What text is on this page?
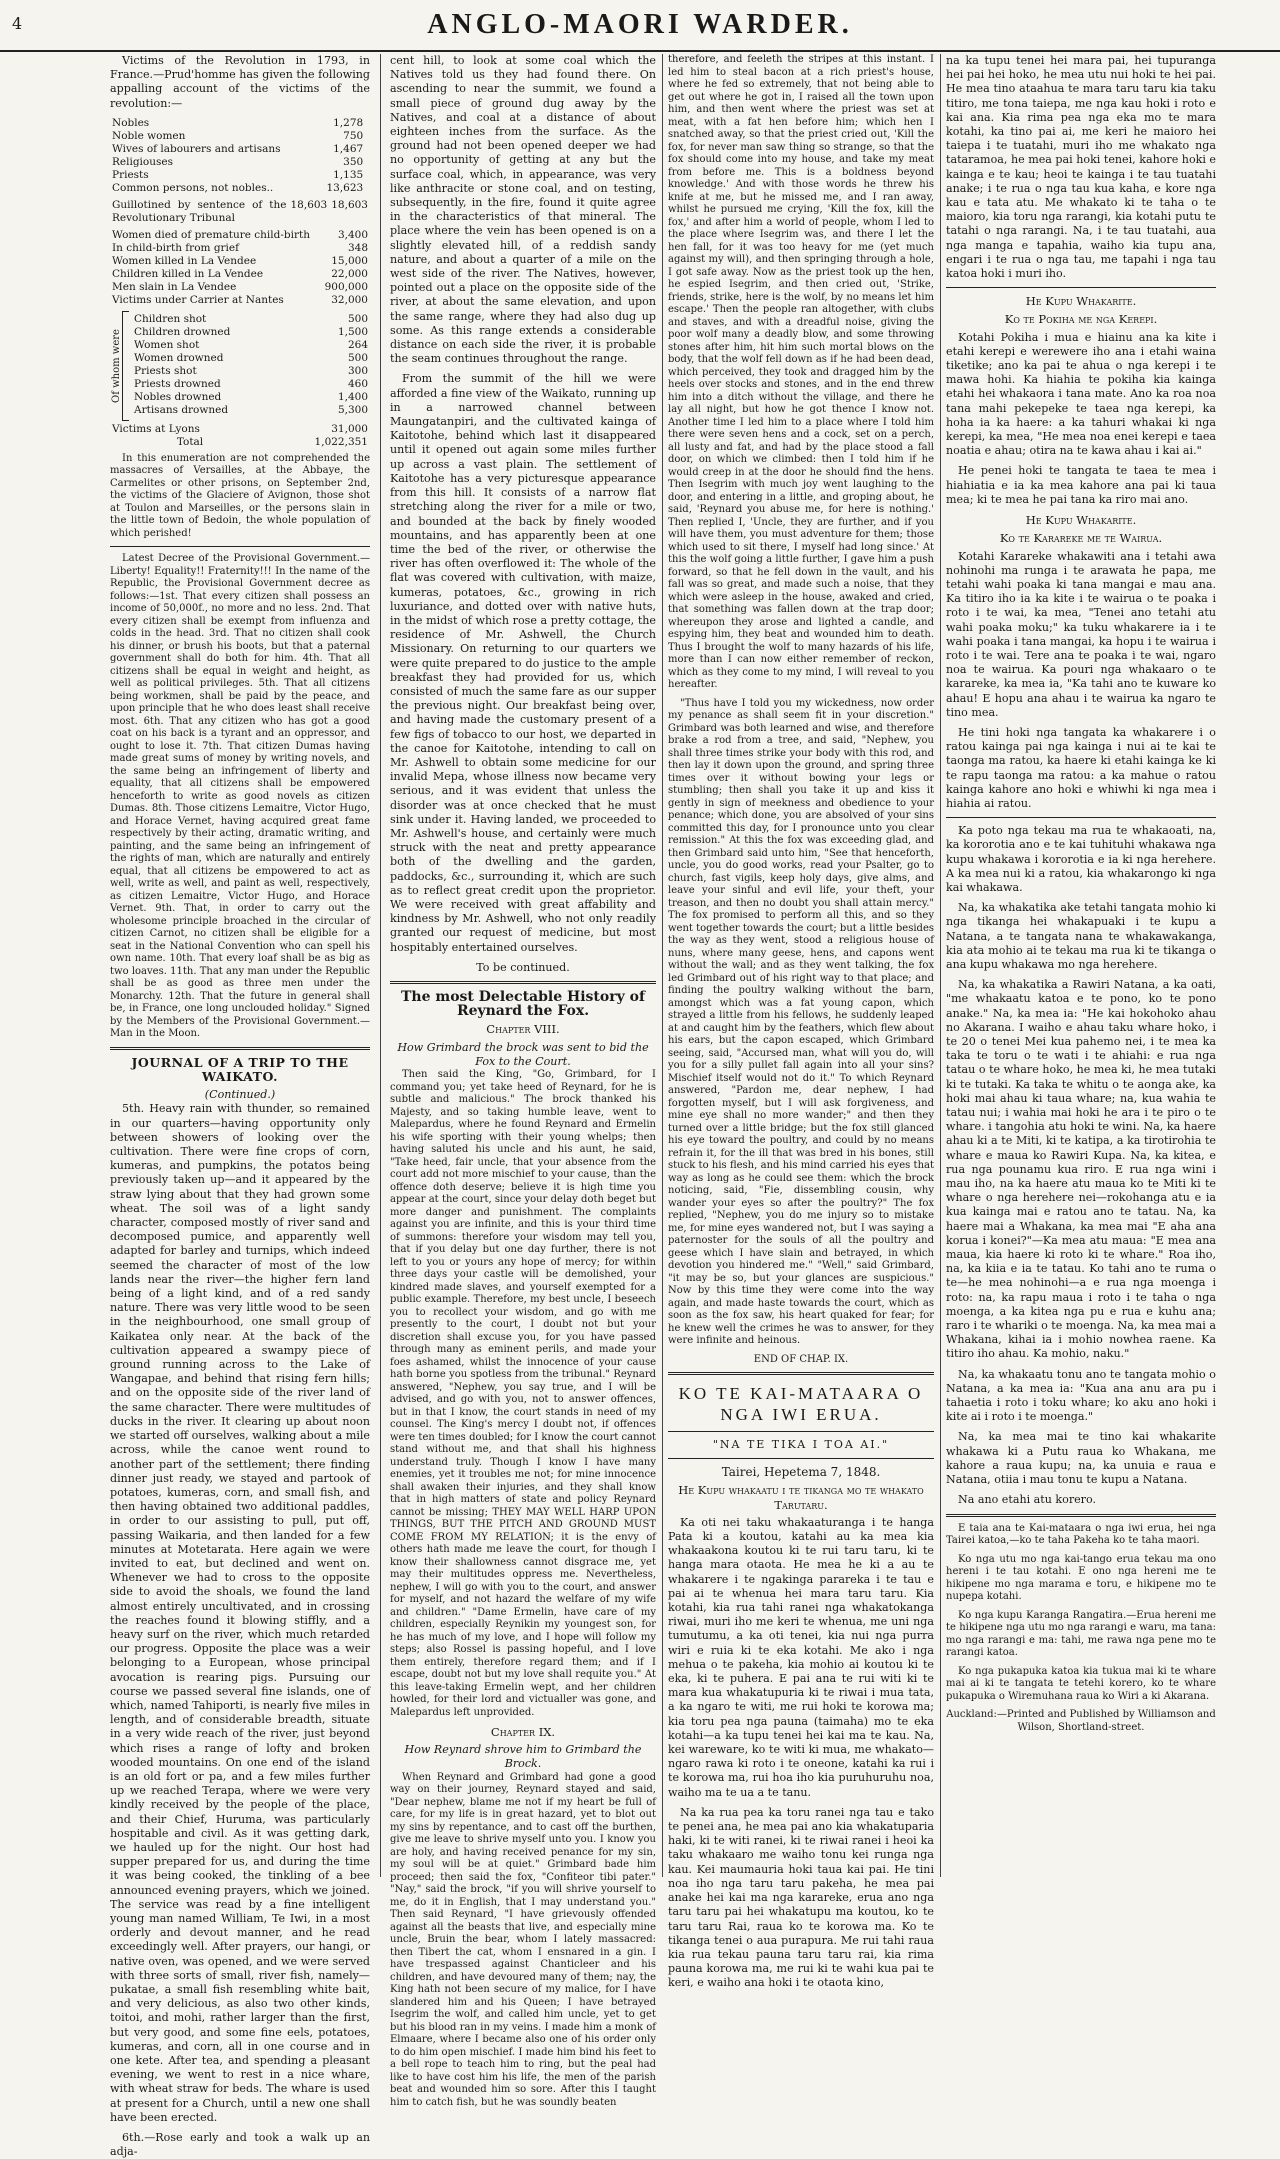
4	ANGLO-MAORI WARDER.

Victims of the Revolution in 1793, in France.—Prud'homme has given the following appalling account of the victims of the revolution:—

Nobles	1,278	
Noble women	750	
Wives of labourers and artisans	1,467	
Religiouses	350	
Priests	1,135	
Common persons, not nobles..	13,623	
Guillotined by sentence of the Revolutionary Tribunal	18,603	18,603
Women died of premature child-birth	3,400
In child-birth from grief	348
Women killed in La Vendee	15,000
Children killed in La Vendee	22,000
Men slain in La Vendee	900,000
Victims under Carrier at Nantes	32,000
Of whom were
Children shot	500
Children drowned	1,500
Women shot	264
Women drowned	500
Priests shot	300
Priests drowned	460
Nobles drowned	1,400
Artisans drowned	5,300
Victims at Lyons	31,000
Total	1,022,351

In this enumeration are not comprehended the massacres of Versailles, at the Abbaye, the Carmelites or other prisons, on September 2nd, the victims of the Glaciere of Avignon, those shot at Toulon and Marseilles, or the persons slain in the little town of Bedoin, the whole population of which perished!

Latest Decree of the Provisional Government.—Liberty! Equality!! Fraternity!!! In the name of the Republic, the Provisional Government decree as follows:—1st. That every citizen shall possess an income of 50,000f., no more and no less. 2nd. That every citizen shall be exempt from influenza and colds in the head. 3rd. That no citizen shall cook his dinner, or brush his boots, but that a paternal government shall do both for him. 4th. That all citizens shall be equal in weight and height, as well as political privileges. 5th. That all citizens being workmen, shall be paid by the peace, and upon principle that he who does least shall receive most. 6th. That any citizen who has got a good coat on his back is a tyrant and an oppressor, and ought to lose it. 7th. That citizen Dumas having made great sums of money by writing novels, and the same being an infringement of liberty and equality, that all citizens shall be empowered henceforth to write as good novels as citizen Dumas. 8th. Those citizens Lemaitre, Victor Hugo, and Horace Vernet, having acquired great fame respectively by their acting, dramatic writing, and painting, and the same being an infringement of the rights of man, which are naturally and entirely equal, that all citizens be empowered to act as well, write as well, and paint as well, respectively, as citizen Lemaitre, Victor Hugo, and Horace Vernet. 9th. That, in order to carry out the wholesome principle broached in the circular of citizen Carnot, no citizen shall be eligible for a seat in the National Convention who can spell his own name. 10th. That every loaf shall be as big as two loaves. 11th. That any man under the Republic shall be as good as three men under the Monarchy. 12th. That the future in general shall be, in France, one long unclouded holiday." Signed by the Members of the Provisional Government.—Man in the Moon.

JOURNAL OF A TRIP TO THE WAIKATO.
(Continued.)

5th. Heavy rain with thunder, so remained in our quarters—having opportunity only between showers of looking over the cultivation. There were fine crops of corn, kumeras, and pumpkins, the potatos being previously taken up—and it appeared by the straw lying about that they had grown some wheat. The soil was of a light sandy character, composed mostly of river sand and decomposed pumice, and apparently well adapted for barley and turnips, which indeed seemed the character of most of the low lands near the river—the higher fern land being of a light kind, and of a red sandy nature. There was very little wood to be seen in the neighbourhood, one small group of Kaikatea only near. At the back of the cultivation appeared a swampy piece of ground running across to the Lake of Wangapae, and behind that rising fern hills; and on the opposite side of the river land of the same character. There were multitudes of ducks in the river. It clearing up about noon we started off ourselves, walking about a mile across, while the canoe went round to another part of the settlement; there finding dinner just ready, we stayed and partook of potatoes, kumeras, corn, and small fish, and then having obtained two additional paddles, in order to our assisting to pull, put off, passing Waikaria, and then landed for a few minutes at Motetarata. Here again we were invited to eat, but declined and went on. Whenever we had to cross to the opposite side to avoid the shoals, we found the land almost entirely uncultivated, and in crossing the reaches found it blowing stiffly, and a heavy surf on the river, which much retarded our progress. Opposite the place was a weir belonging to a European, whose principal avocation is rearing pigs. Pursuing our course we passed several fine islands, one of which, named Tahiporti, is nearly five miles in length, and of considerable breadth, situate in a very wide reach of the river, just beyond which rises a range of lofty and broken wooded mountains. On one end of the island is an old fort or pa, and a few miles further up we reached Terapa, where we were very kindly received by the people of the place, and their Chief, Huruma, was particularly hospitable and civil. As it was getting dark, we hauled up for the night. Our host had supper prepared for us, and during the time it was being cooked, the tinkling of a bee announced evening prayers, which we joined. The service was read by a fine intelligent young man named William, Te Iwi, in a most orderly and devout manner, and he read exceedingly well. After prayers, our hangi, or native oven, was opened, and we were served with three sorts of small, river fish, namely—pukatae, a small fish resembling white bait, and very delicious, as also two other kinds, toitoi, and mohi, rather larger than the first, but very good, and some fine eels, potatoes, kumeras, and corn, all in one course and in one kete. After tea, and spending a pleasant evening, we went to rest in a nice whare, with wheat straw for beds. The whare is used at present for a Church, until a new one shall have been erected.

6th.—Rose early and took a walk up an adja-

cent hill, to look at some coal which the Natives told us they had found there. On ascending to near the summit, we found a small piece of ground dug away by the Natives, and coal at a distance of about eighteen inches from the surface. As the ground had not been opened deeper we had no opportunity of getting at any but the surface coal, which, in appearance, was very like anthracite or stone coal, and on testing, subsequently, in the fire, found it quite agree in the characteristics of that mineral. The place where the vein has been opened is on a slightly elevated hill, of a reddish sandy nature, and about a quarter of a mile on the west side of the river. The Natives, however, pointed out a place on the opposite side of the river, at about the same elevation, and upon the same range, where they had also dug up some. As this range extends a considerable distance on each side the river, it is probable the seam continues throughout the range.

From the summit of the hill we were afforded a fine view of the Waikato, running up in a narrowed channel between Maungatanpiri, and the cultivated kainga of Kaitotohe, behind which last it disappeared until it opened out again some miles further up across a vast plain. The settlement of Kaitotohe has a very picturesque appearance from this hill. It consists of a narrow flat stretching along the river for a mile or two, and bounded at the back by finely wooded mountains, and has apparently been at one time the bed of the river, or otherwise the river has often overflowed it: The whole of the flat was covered with cultivation, with maize, kumeras, potatoes, &c., growing in rich luxuriance, and dotted over with native huts, in the midst of which rose a pretty cottage, the residence of Mr. Ashwell, the Church Missionary. On returning to our quarters we were quite prepared to do justice to the ample breakfast they had provided for us, which consisted of much the same fare as our supper the previous night. Our breakfast being over, and having made the customary present of a few figs of tobacco to our host, we departed in the canoe for Kaitotohe, intending to call on Mr. Ashwell to obtain some medicine for our invalid Mepa, whose illness now became very serious, and it was evident that unless the disorder was at once checked that he must sink under it. Having landed, we proceeded to Mr. Ashwell's house, and certainly were much struck with the neat and pretty appearance both of the dwelling and the garden, paddocks, &c., surrounding it, which are such as to reflect great credit upon the proprietor. We were received with great affability and kindness by Mr. Ashwell, who not only readily granted our request of medicine, but most hospitably entertained ourselves.

To be continued.
The most Delectable History of Reynard the Fox.
Chapter VIII.
How Grimbard the brock was sent to bid the Fox to the Court.

Then said the King, "Go, Grimbard, for I command you; yet take heed of Reynard, for he is subtle and malicious." The brock thanked his Majesty, and so taking humble leave, went to Malepardus, where he found Reynard and Ermelin his wife sporting with their young whelps; then having saluted his uncle and his aunt, he said, "Take heed, fair uncle, that your absence from the court add not more mischief to your cause, than the offence doth deserve; believe it is high time you appear at the court, since your delay doth beget but more danger and punishment. The complaints against you are infinite, and this is your third time of summons: therefore your wisdom may tell you, that if you delay but one day further, there is not left to you or yours any hope of mercy; for within three days your castle will be demolished, your kindred made slaves, and yourself exempted for a public example. Therefore, my best uncle, I beseech you to recollect your wisdom, and go with me presently to the court, I doubt not but your discretion shall excuse you, for you have passed through many as eminent perils, and made your foes ashamed, whilst the innocence of your cause hath borne you spotless from the tribunal." Reynard answered, "Nephew, you say true, and I will be advised, and go with you, not to answer offences, but in that I know, the court stands in need of my counsel. The King's mercy I doubt not, if offences were ten times doubled; for I know the court cannot stand without me, and that shall his highness understand truly. Though I know I have many enemies, yet it troubles me not; for mine innocence shall awaken their injuries, and they shall know that in high matters of state and policy Reynard cannot be missing; THEY MAY WELL HARP UPON THINGS, BUT THE PITCH AND GROUND MUST COME FROM MY RELATION; it is the envy of others hath made me leave the court, for though I know their shallowness cannot disgrace me, yet may their multitudes oppress me. Nevertheless, nephew, I will go with you to the court, and answer for myself, and not hazard the welfare of my wife and children." "Dame Ermelin, have care of my children, especially Reynikin my youngest son, for he has much of my love, and I hope will follow my steps; also Rossel is passing hopeful, and I love them entirely, therefore regard them; and if I escape, doubt not but my love shall requite you." At this leave-taking Ermelin wept, and her children howled, for their lord and victualler was gone, and Malepardus left unprovided.

Chapter IX.
How Reynard shrove him to Grimbard the Brock.

When Reynard and Grimbard had gone a good way on their journey, Reynard stayed and said, "Dear nephew, blame me not if my heart be full of care, for my life is in great hazard, yet to blot out my sins by repentance, and to cast off the burthen, give me leave to shrive myself unto you. I know you are holy, and having received penance for my sin, my soul will be at quiet." Grimbard bade him proceed; then said the fox, "Confiteor tibi pater." "Nay," said the brock, "if you will shrive yourself to me, do it in English, that I may understand you." Then said Reynard, "I have grievously offended against all the beasts that live, and especially mine uncle, Bruin the bear, whom I lately massacred: then Tibert the cat, whom I ensnared in a gin. I have trespassed against Chanticleer and his children, and have devoured many of them; nay, the King hath not been secure of my malice, for I have slandered him and his Queen; I have betrayed Isegrim the wolf, and called him uncle, yet to get but his blood ran in my veins. I made him a monk of Elmaare, where I became also one of his order only to do him open mischief. I made him bind his feet to a bell rope to teach him to ring, but the peal had like to have cost him his life, the men of the parish beat and wounded him so sore. After this I taught him to catch fish, but he was soundly beaten

therefore, and feeleth the stripes at this instant. I led him to steal bacon at a rich priest's house, where he fed so extremely, that not being able to get out where he got in, I raised all the town upon him, and then went where the priest was set at meat, with a fat hen before him; which hen I snatched away, so that the priest cried out, 'Kill the fox, for never man saw thing so strange, so that the fox should come into my house, and take my meat from before me. This is a boldness beyond knowledge.' And with those words he threw his knife at me, but he missed me, and I ran away, whilst he pursued me crying, 'Kill the fox, kill the fox,' and after him a world of people, whom I led to the place where Isegrim was, and there I let the hen fall, for it was too heavy for me (yet much against my will), and then springing through a hole, I got safe away. Now as the priest took up the hen, he espied Isegrim, and then cried out, 'Strike, friends, strike, here is the wolf, by no means let him escape.' Then the people ran altogether, with clubs and staves, and with a dreadful noise, giving the poor wolf many a deadly blow, and some throwing stones after him, hit him such mortal blows on the body, that the wolf fell down as if he had been dead, which perceived, they took and dragged him by the heels over stocks and stones, and in the end threw him into a ditch without the village, and there he lay all night, but how he got thence I know not. Another time I led him to a place where I told him there were seven hens and a cock, set on a perch, all lusty and fat, and had by the place stood a fall door, on which we climbed: then I told him if he would creep in at the door he should find the hens. Then Isegrim with much joy went laughing to the door, and entering in a little, and groping about, he said, 'Reynard you abuse me, for here is nothing.' Then replied I, 'Uncle, they are further, and if you will have them, you must adventure for them; those which used to sit there, I myself had long since.' At this the wolf going a little further, I gave him a push forward, so that he fell down in the vault, and his fall was so great, and made such a noise, that they which were asleep in the house, awaked and cried, that something was fallen down at the trap door; whereupon they arose and lighted a candle, and espying him, they beat and wounded him to death. Thus I brought the wolf to many hazards of his life, more than I can now either remember of reckon, which as they come to my mind, I will reveal to you hereafter.

"Thus have I told you my wickedness, now order my penance as shall seem fit in your discretion." Grimbard was both learned and wise, and therefore brake a rod from a tree, and said, "Nephew, you shall three times strike your body with this rod, and then lay it down upon the ground, and spring three times over it without bowing your legs or stumbling; then shall you take it up and kiss it gently in sign of meekness and obedience to your penance; which done, you are absolved of your sins committed this day, for I pronounce unto you clear remission." At this the fox was exceeding glad, and then Grimbard said unto him, "See that henceforth, uncle, you do good works, read your Psalter, go to church, fast vigils, keep holy days, give alms, and leave your sinful and evil life, your theft, your treason, and then no doubt you shall attain mercy." The fox promised to perform all this, and so they went together towards the court; but a little besides the way as they went, stood a religious house of nuns, where many geese, hens, and capons went without the wall; and as they went talking, the fox led Grimbard out of his right way to that place; and finding the poultry walking without the barn, amongst which was a fat young capon, which strayed a little from his fellows, he suddenly leaped at and caught him by the feathers, which flew about his ears, but the capon escaped, which Grimbard seeing, said, "Accursed man, what will you do, will you for a silly pullet fall again into all your sins? Mischief itself would not do it." To which Reynard answered, "Pardon me, dear nephew, I had forgotten myself, but I will ask forgiveness, and mine eye shall no more wander;" and then they turned over a little bridge; but the fox still glanced his eye toward the poultry, and could by no means refrain it, for the ill that was bred in his bones, still stuck to his flesh, and his mind carried his eyes that way as long as he could see them: which the brock noticing, said, "Fie, dissembling cousin, why wander your eyes so after the poultry?" The fox replied, "Nephew, you do me injury so to mistake me, for mine eyes wandered not, but I was saying a paternoster for the souls of all the poultry and geese which I have slain and betrayed, in which devotion you hindered me." "Well," said Grimbard, "it may be so, but your glances are suspicious." Now by this time they were come into the way again, and made haste towards the court, which as soon as the fox saw, his heart quaked for fear; for he knew well the crimes he was to answer, for they were infinite and heinous.

END OF CHAP. IX.
KO TE KAI-MATAARA O NGA IWI ERUA.
"NA TE TIKA I TOA AI."
Tairei, Hepetema 7, 1848.
He Kupu whakaatu i te tikanga mo te whakato Tarutaru.

Ka oti nei taku whakaaturanga i te hanga Pata ki a koutou, katahi au ka mea kia whakaakona koutou ki te rui taru taru, ki te hanga mara otaota. He mea he ki a au te whakarere i te ngakinga parareka i te tau e pai ai te whenua hei mara taru taru. Kia kotahi, kia rua tahi ranei nga whakatokanga riwai, muri iho me keri te whenua, me uni nga tumutumu, a ka oti tenei, kia nui nga purra wiri e ruia ki te eka kotahi. Me ako i nga mehua o te pakeha, kia mohio ai koutou ki te eka, ki te puhera. E pai ana te rui witi ki te mara kua whakatupuria ki te riwai i mua tata, a ka ngaro te witi, me rui hoki te korowa ma; kia toru pea nga pauna (taimaha) mo te eka kotahi—a ka tupu tenei hei kai ma te kau. Na, kei wareware, ko te witi ki mua, me whakato—ngaro rawa ki roto i te oneone, katahi ka rui i te korowa ma, rui hoa iho kia puruhuruhu noa, waiho ma te ua a te tanu.

Na ka rua pea ka toru ranei nga tau e tako te penei ana, he mea pai ano kia whakatuparia haki, ki te witi ranei, ki te riwai ranei i heoi ka taku whakaaro me waiho tonu kei runga nga kau. Kei maumauria hoki taua kai pai. He tini noa iho nga taru taru pakeha, he mea pai anake hei kai ma nga karareke, erua ano nga taru taru pai hei whakatupu ma koutou, ko te taru taru Rai, raua ko te korowa ma. Ko te tikanga tenei o aua purapura. Me rui tahi raua kia rua tekau pauna taru taru rai, kia rima pauna korowa ma, me rui ki te wahi kua pai te keri, e waiho ana hoki i te otaota kino,

na ka tupu tenei hei mara pai, hei tupuranga hei pai hei hoko, he mea utu nui hoki te hei pai. He mea tino ataahua te mara taru taru kia taku titiro, me tona taiepa, me nga kau hoki i roto e kai ana. Kia rima pea nga eka mo te mara kotahi, ka tino pai ai, me keri he maioro hei taiepa i te tuatahi, muri iho me whakato nga tataramoa, he mea pai hoki tenei, kahore hoki e kainga e te kau; heoi te kainga i te tau tuatahi anake; i te rua o nga tau kua kaha, e kore nga kau e tata atu. Me whakato ki te taha o te maioro, kia toru nga rarangi, kia kotahi putu te tatahi o nga rarangi. Na, i te tau tuatahi, aua nga manga e tapahia, waiho kia tupu ana, engari i te rua o nga tau, me tapahi i nga tau katoa hoki i muri iho.

He Kupu Whakarite.
Ko te Pokiha me nga Kerepi.

Kotahi Pokiha i mua e hiainu ana ka kite i etahi kerepi e werewere iho ana i etahi waina tiketike; ano ka pai te ahua o nga kerepi i te mawa hohi. Ka hiahia te pokiha kia kainga etahi hei whakaora i tana mate. Ano ka roa noa tana mahi pekepeke te taea nga kerepi, ka hoha ia ka haere: a ka tahuri whakai ki nga kerepi, ka mea, "He mea noa enei kerepi e taea noatia e ahau; otira na te kawa ahau i kai ai."

He penei hoki te tangata te taea te mea i hiahiatia e ia ka mea kahore ana pai ki taua mea; ki te mea he pai tana ka riro mai ano.

He Kupu Whakarite.
Ko te Karareke me te Wairua.

Kotahi Karareke whakawiti ana i tetahi awa nohinohi ma runga i te arawata he papa, me tetahi wahi poaka ki tana mangai e mau ana. Ka titiro iho ia ka kite i te wairua o te poaka i roto i te wai, ka mea, "Tenei ano tetahi atu wahi poaka moku;" ka tuku whakarere ia i te wahi poaka i tana mangai, ka hopu i te wairua i roto i te wai. Tere ana te poaka i te wai, ngaro noa te wairua. Ka pouri nga whakaaro o te karareke, ka mea ia, "Ka tahi ano te kuware ko ahau! E hopu ana ahau i te wairua ka ngaro te tino mea.

He tini hoki nga tangata ka whakarere i o ratou kainga pai nga kainga i nui ai te kai te taonga ma ratou, ka haere ki etahi kainga ke ki te rapu taonga ma ratou: a ka mahue o ratou kainga kahore ano hoki e whiwhi ki nga mea i hiahia ai ratou.

Ka poto nga tekau ma rua te whakaoati, na, ka kororotia ano e te kai tuhituhi whakawa nga kupu whakawa i kororotia e ia ki nga herehere. A ka mea nui ki a ratou, kia whakarongo ki nga kai whakawa.

Na, ka whakatika ake tetahi tangata mohio ki nga tikanga hei whakapuaki i te kupu a Natana, a te tangata nana te whakawakanga, kia ata mohio ai te tekau ma rua ki te tikanga o ana kupu whakawa mo nga herehere.

Na, ka whakatika a Rawiri Natana, a ka oati, "me whakaatu katoa e te pono, ko te pono anake." Na, ka mea ia: "He kai hokohoko ahau no Akarana. I waiho e ahau taku whare hoko, i te 20 o tenei Mei kua pahemo nei, i te mea ka taka te toru o te wati i te ahiahi: e rua nga tatau o te whare hoko, he mea ki, he mea tutaki ki te tutaki. Ka taka te whitu o te aonga ake, ka hoki mai ahau ki taua whare; na, kua wahia te tatau nui; i wahia mai hoki he ara i te piro o te whare. i tangohia atu hoki te wini. Na, ka haere ahau ki a te Miti, ki te katipa, a ka tirotirohia te whare e maua ko Rawiri Kupa. Na, ka kitea, e rua nga pounamu kua riro. E rua nga wini i mau iho, na ka haere atu maua ko te Miti ki te whare o nga herehere nei—rokohanga atu e ia kua kainga mai e ratou ano te tatau. Na, ka haere mai a Whakana, ka mea mai "E aha ana korua i konei?"—Ka mea atu maua: "E mea ana maua, kia haere ki roto ki te whare." Roa iho, na, ka kiia e ia te tatau. Ko tahi ano te ruma o te—he mea nohinohi—a e rua nga moenga i roto: na, ka rapu maua i roto i te taha o nga moenga, a ka kitea nga pu e rua e kuhu ana; raro i te whariki o te moenga. Na, ka mea mai a Whakana, kihai ia i mohio nowhea raene. Ka titiro iho ahau. Ka mohio, naku."

Na, ka whakaatu tonu ano te tangata mohio o Natana, a ka mea ia: "Kua ana anu ara pu i tahaetia i roto i toku whare; ko aku ano hoki i kite ai i roto i te moenga."

Na, ka mea mai te tino kai whakarite whakawa ki a Putu raua ko Whakana, me kahore a raua kupu; na, ka unuia e raua e Natana, otiia i mau tonu te kupu a Natana.

Na ano etahi atu korero.

E taia ana te Kai-mataara o nga iwi erua, hei nga Tairei katoa,—ko te taha Pakeha ko te taha maori.

Ko nga utu mo nga kai-tango erua tekau ma ono hereni i te tau kotahi. E ono nga hereni me te hikipene mo nga marama e toru, e hikipene mo te nupepa kotahi.

Ko nga kupu Karanga Rangatira.—Erua hereni me te hikipene nga utu mo nga rarangi e waru, ma tana: mo nga rarangi e ma: tahi, me rawa nga pene mo te rarangi katoa.

Ko nga pukapuka katoa kia tukua mai ki te whare mai ai ki te tangata te tetehi korero, ko te whare pukapuka o Wiremuhana raua ko Wiri a ki Akarana.

Auckland:—Printed and Published by Williamson and Wilson, Shortland-street.
